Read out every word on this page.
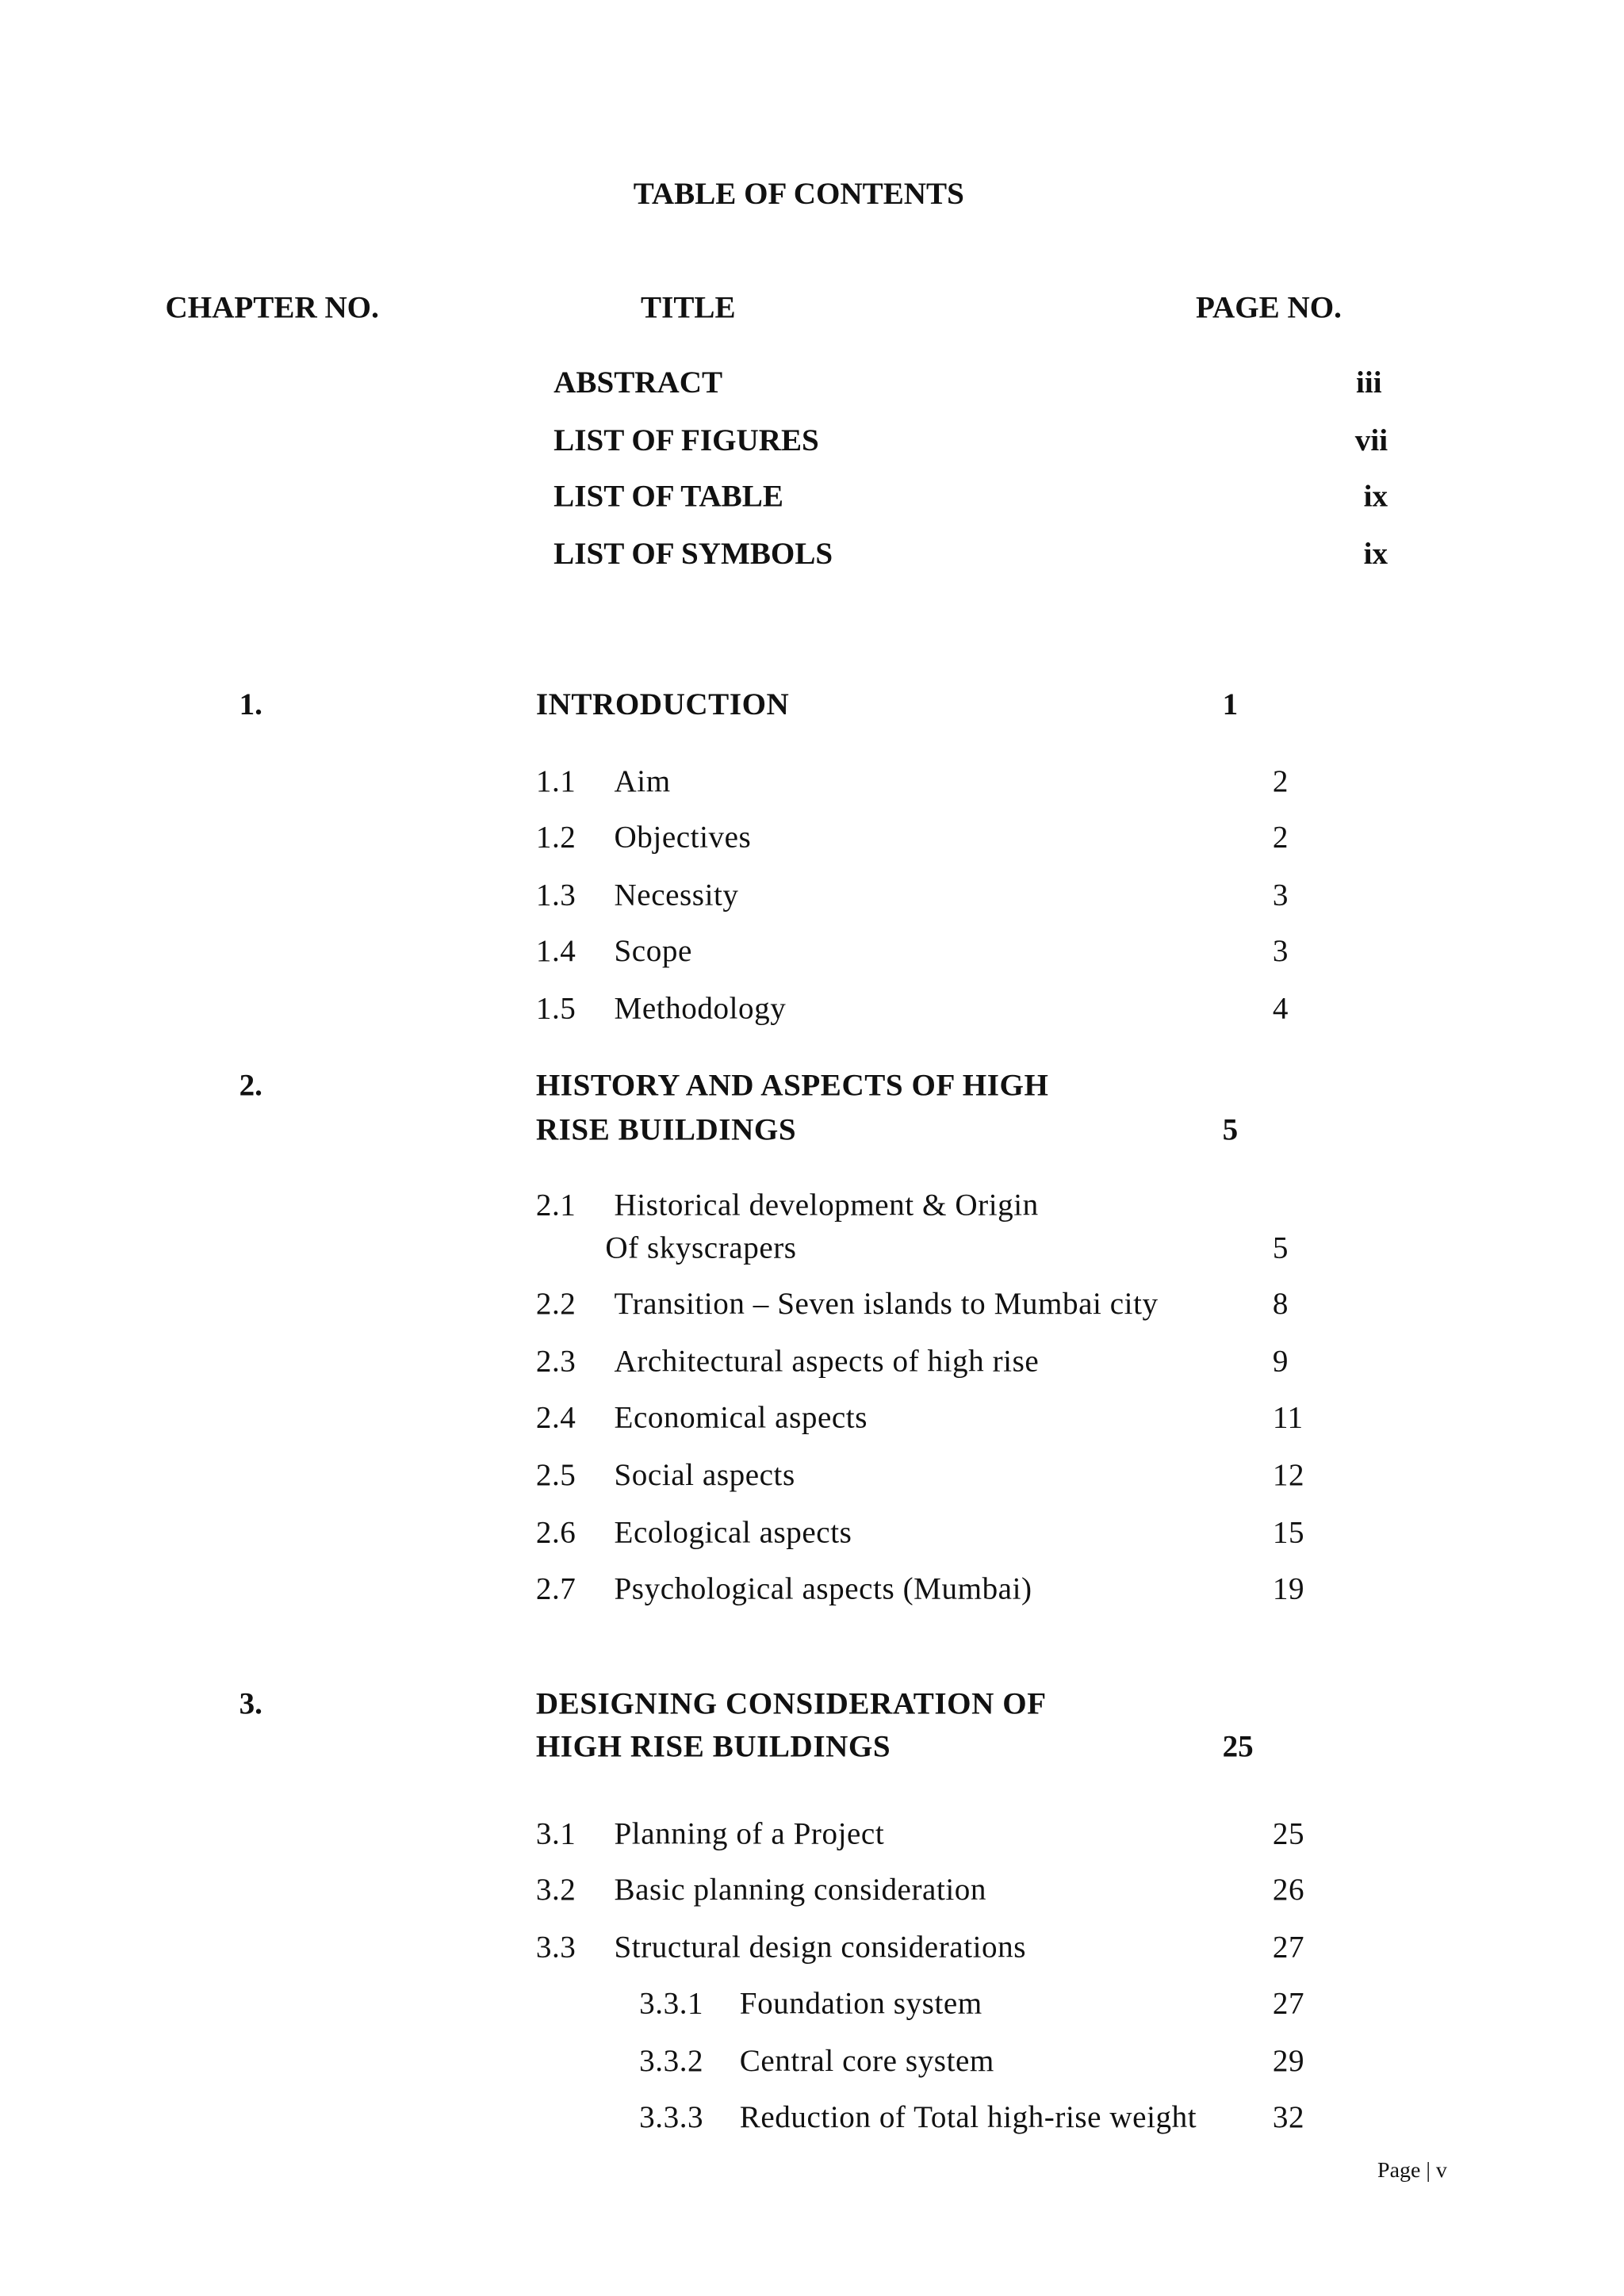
TABLE OF CONTENTS
CHAPTER NO.	TITLE	PAGE NO.
ABSTRACT	iii
LIST OF FIGURES	vii
LIST OF TABLE	ix
LIST OF SYMBOLS	ix
1.	INTRODUCTION	1
1.1 Aim	2
1.2 Objectives	2
1.3 Necessity	3
1.4 Scope	3
1.5 Methodology	4
2.	HISTORY AND ASPECTS OF HIGH
RISE BUILDINGS	5
2.1 Historical development & Origin
Of skyscrapers	5
2.2 Transition – Seven islands to Mumbai city	8
2.3 Architectural aspects of high rise	9
2.4 Economical aspects	11
2.5 Social aspects	12
2.6 Ecological aspects	15
2.7 Psychological aspects (Mumbai)	19
3.	DESIGNING CONSIDERATION OF
HIGH RISE BUILDINGS	25
3.1 Planning of a Project	25
3.2 Basic planning consideration	26
3.3 Structural design considerations	27
3.3.1 Foundation system	27
3.3.2 Central core system	29
3.3.3 Reduction of Total high-rise weight	32
Page | v
